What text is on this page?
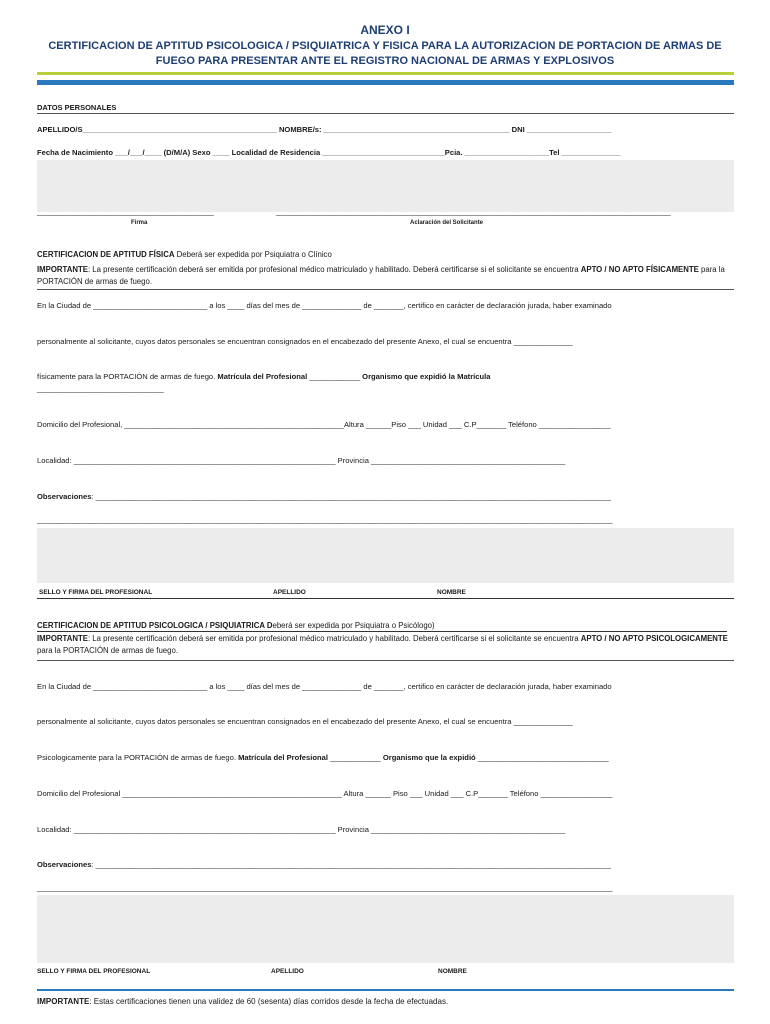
ANEXO I
CERTIFICACION DE APTITUD PSICOLOGICA / PSIQUIATRICA Y FISICA PARA LA AUTORIZACION DE PORTACION DE ARMAS DE FUEGO PARA PRESENTAR ANTE EL REGISTRO NACIONAL DE ARMAS Y EXPLOSIVOS
DATOS PERSONALES
APELLIDO/S______________________________________________ NOMBRE/s: ____________________________________________ DNI ____________________
Fecha de Nacimiento ___/___/____ (D/M/A) Sexo ____ Localidad de Residencia _____________________________Pcia. ____________________Tel ______________
___________________________________________	________________________________________________________________________________________________
Firma	Aclaración del Solicitante
CERTIFICACION DE APTITUD FÍSICA Deberá ser expedida por Psiquiatra o Clínico
IMPORTANTE: La presente certificación deberá ser emitida por profesional médico matriculado y habilitado. Deberá certificarse si el solicitante se encuentra APTO / NO APTO FÍSICAMENTE para la PORTACIÓN de armas de fuego.
En la Ciudad de ___________________________ a los ____ días del mes de ______________ de _______, certifico en carácter de declaración jurada, haber examinado
personalmente al solicitante, cuyos datos personales se encuentran consignados en el encabezado del presente Anexo, el cual se encuentra ______________
físicamente para la PORTACIÓN de armas de fuego. Matrícula del Profesional ____________ Organismo que expidió la Matrícula
______________________________
Domicilio del Profesional, ____________________________________________________Altura ______Piso ___ Unidad ___ C.P_______ Teléfono _________________
Localidad: ______________________________________________________________ Provincia ______________________________________________
Observaciones: __________________________________________________________________________________________________________________________
____________________________________________________________________________________________________________________________________________
SELLO Y FIRMA DEL PROFESIONAL	APELLIDO	NOMBRE
CERTIFICACION DE APTITUD PSICOLOGICA / PSIQUIATRICA Deberá ser expedida por Psiquiatra o Psicólogo)
IMPORTANTE: La presente certificación deberá ser emitida por profesional médico matriculado y habilitado. Deberá certificarse si el solicitante se encuentra APTO / NO APTO PSICOLOGICAMENTE para la PORTACIÓN de armas de fuego.
En la Ciudad de ___________________________ a los ____ días del mes de ______________ de _______, certifico en carácter de declaración jurada, haber examinado
personalmente al solicitante, cuyos datos personales se encuentran consignados en el encabezado del presente Anexo, el cual se encuentra ______________
Psicologicamente para la PORTACIÓN de armas de fuego. Matrícula del Profesional ____________ Organismo que la expidió _______________________________
Domicilio del Profesional ____________________________________________________ Altura ______ Piso ___ Unidad ___ C.P_______ Teléfono _________________
Localidad: ______________________________________________________________ Provincia ______________________________________________
Observaciones: __________________________________________________________________________________________________________________________
____________________________________________________________________________________________________________________________________________
SELLO Y FIRMA DEL PROFESIONAL	APELLIDO	NOMBRE
IMPORTANTE: Estas certificaciones tienen una validez de 60 (sesenta) días corridos desde la fecha de efectuadas.
